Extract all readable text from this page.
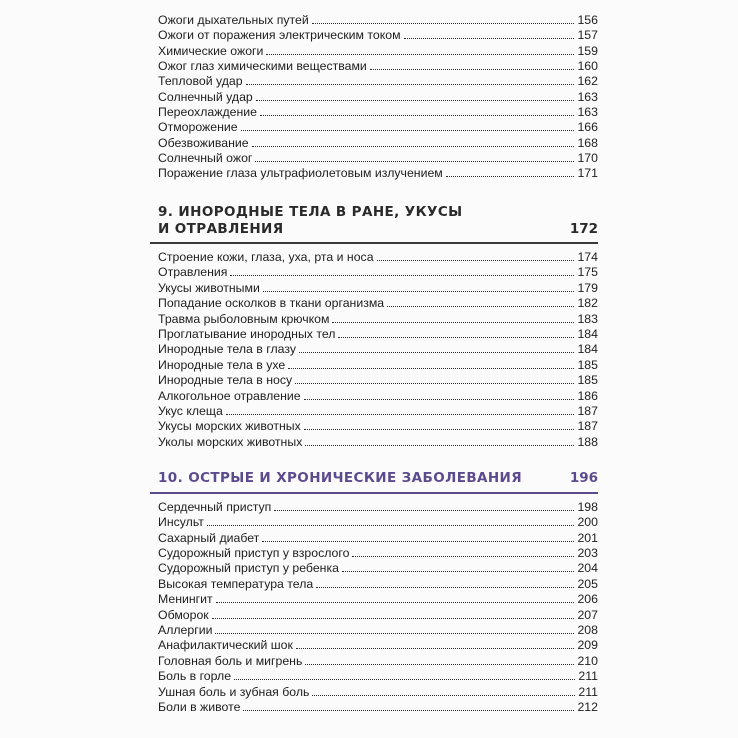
Ожоги дыхательных путей	156
Ожоги от поражения электрическим током	157
Химические ожоги	159
Ожог глаз химическими веществами	160
Тепловой удар	162
Солнечный удар	163
Переохлаждение	163
Отморожение	166
Обезвоживание	168
Солнечный ожог	170
Поражение глаза ультрафиолетовым излучением	171
9. ИНОРОДНЫЕ ТЕЛА В РАНЕ, УКУСЫ
И ОТРАВЛЕНИЯ	172
Строение кожи, глаза, уха, рта и носа	174
Отравления	175
Укусы животными	179
Попадание осколков в ткани организма	182
Травма рыболовным крючком	183
Проглатывание инородных тел	184
Инородные тела в глазу	184
Инородные тела в ухе	185
Инородные тела в носу	185
Алкогольное отравление	186
Укус клеща	187
Укусы морских животных	187
Уколы морских животных	188
10. ОСТРЫЕ И ХРОНИЧЕСКИЕ ЗАБОЛЕВАНИЯ	196
Сердечный приступ	198
Инсульт	200
Сахарный диабет	201
Судорожный приступ у взрослого	203
Судорожный приступ у ребенка	204
Высокая температура тела	205
Менингит	206
Обморок	207
Аллергии	208
Анафилактический шок	209
Головная боль и мигрень	210
Боль в горле	211
Ушная боль и зубная боль	211
Боли в животе	212
